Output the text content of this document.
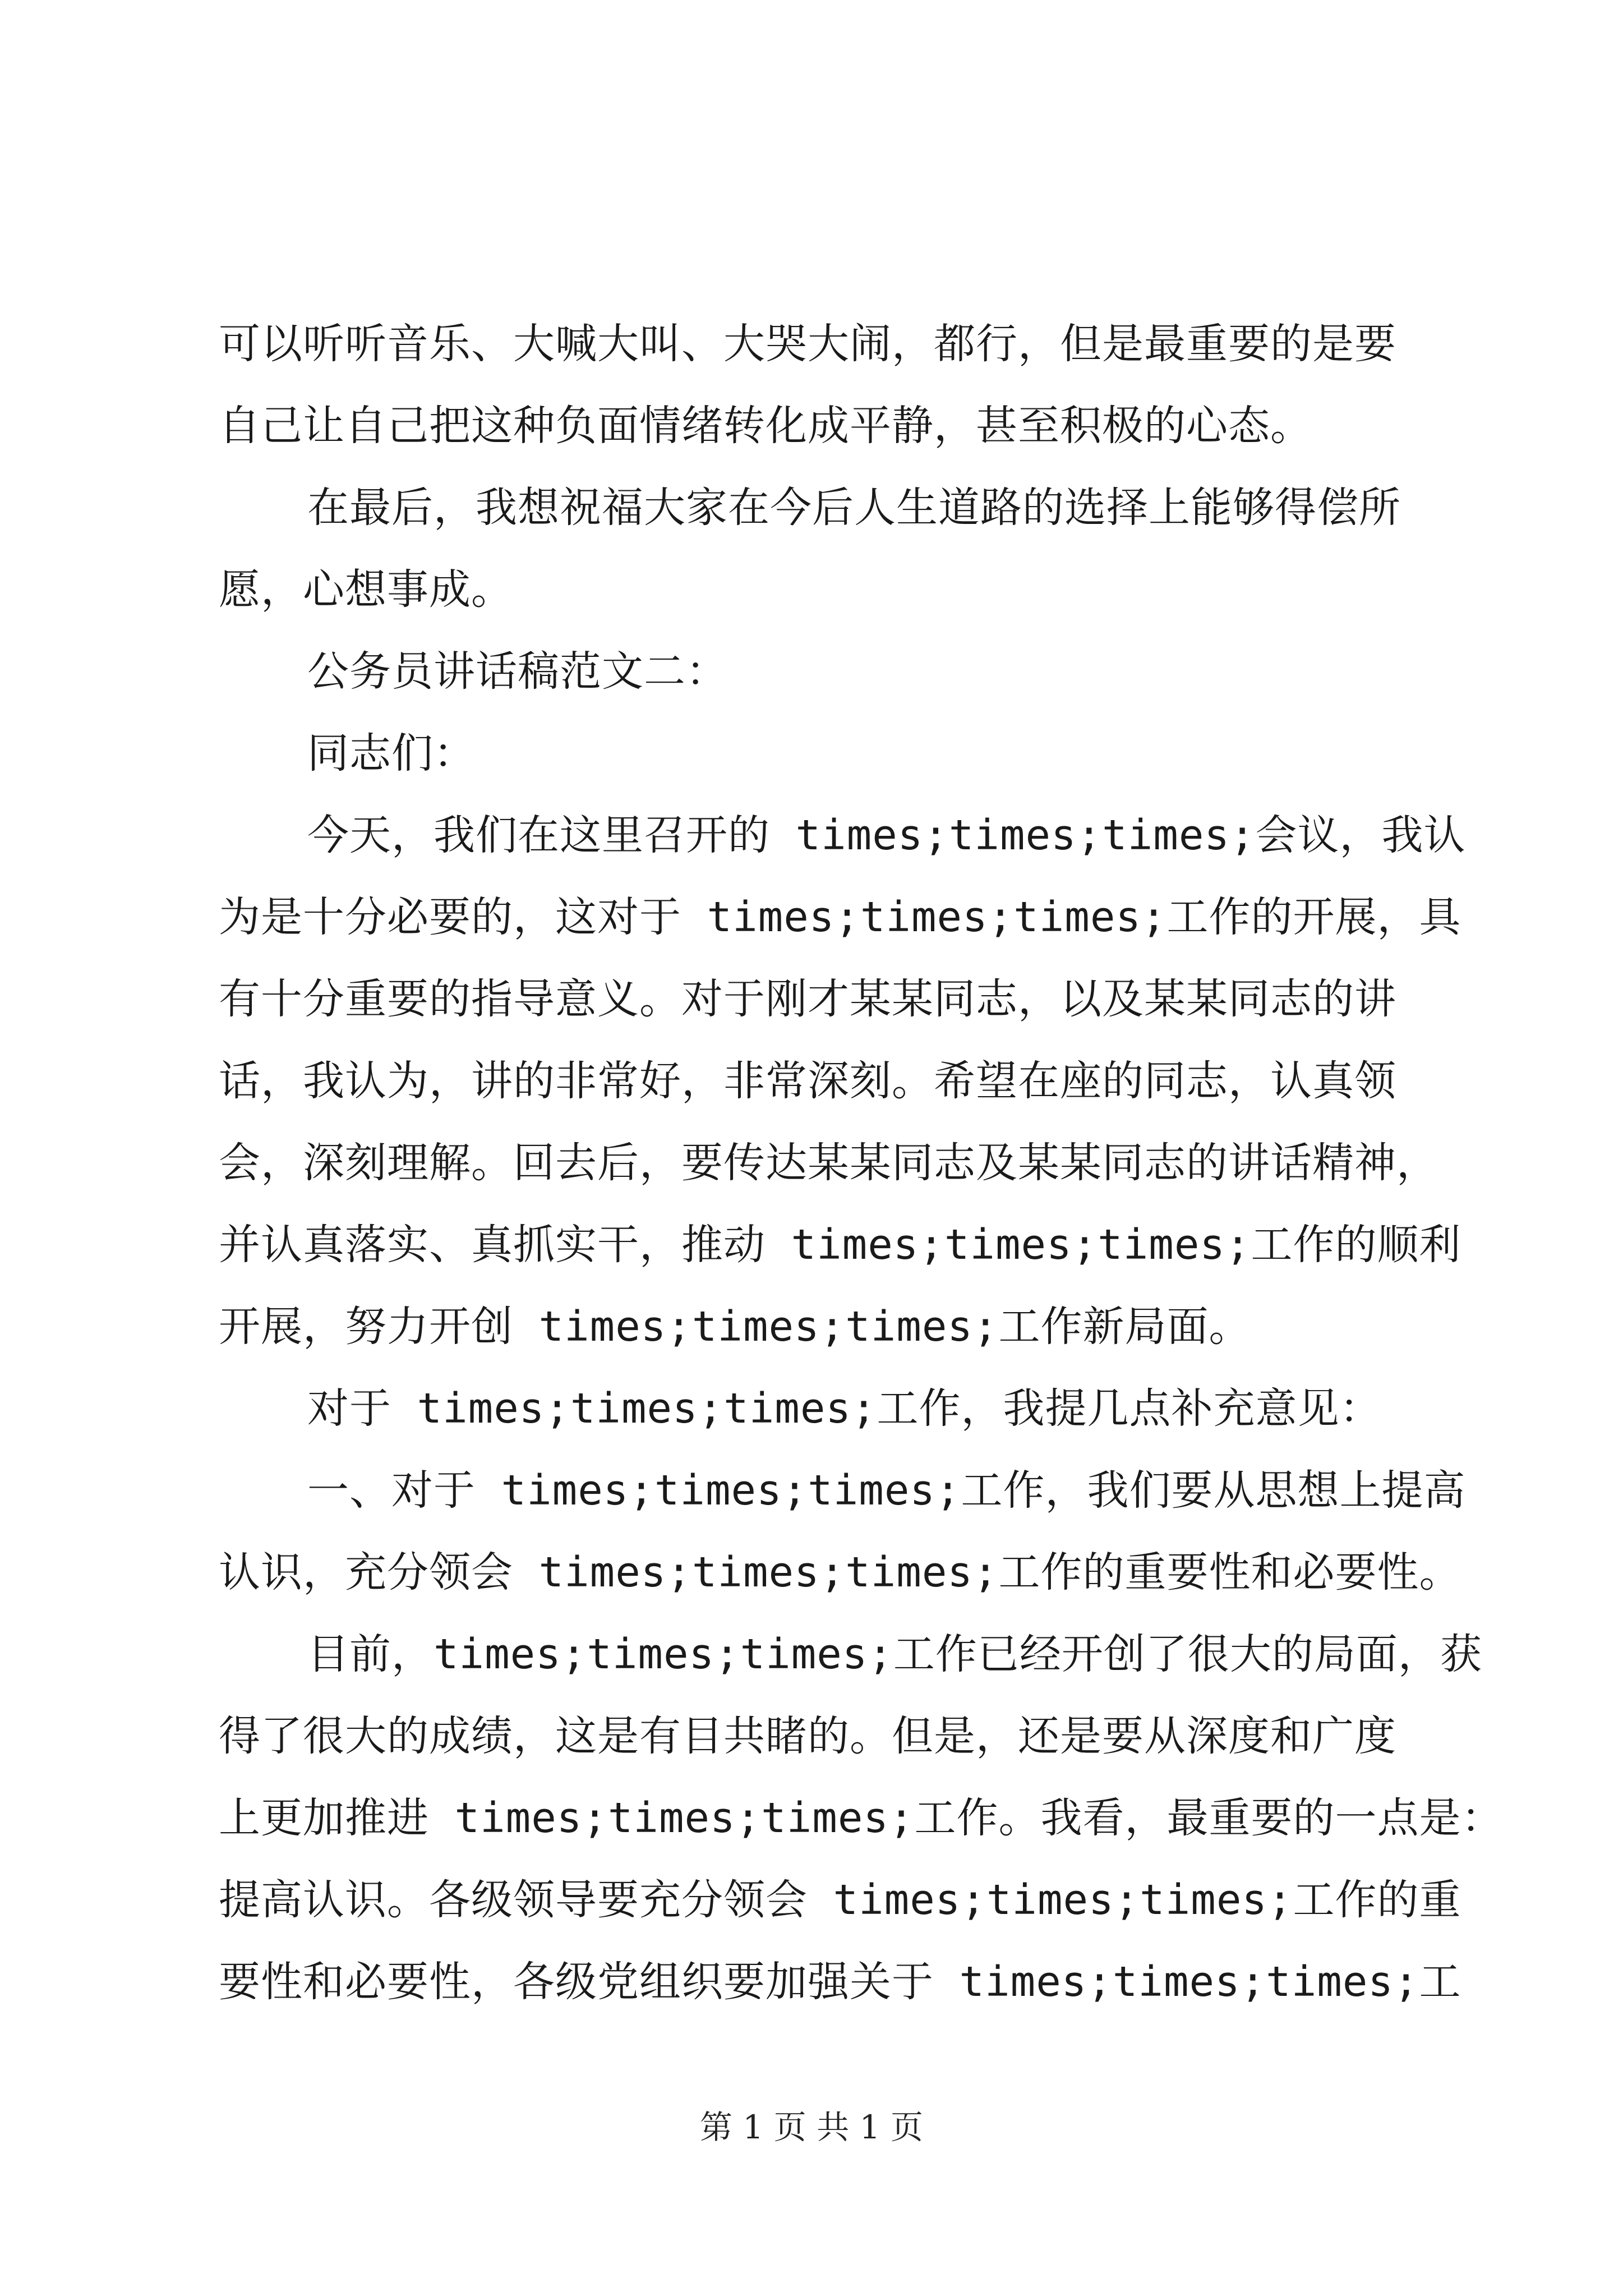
可以听听音乐、大喊大叫、大哭大闹，都行，但是最重要的是要
自己让自己把这种负面情绪转化成平静，甚至积极的心态。
在最后，我想祝福大家在今后人生道路的选择上能够得偿所
愿，心想事成。
公务员讲话稿范文二：
同志们：
今天，我们在这里召开的 times;times;times;会议，我认
为是十分必要的，这对于 times;times;times;工作的开展，具
有十分重要的指导意义。对于刚才某某同志，以及某某同志的讲
话，我认为，讲的非常好，非常深刻。希望在座的同志，认真领
会，深刻理解。回去后，要传达某某同志及某某同志的讲话精神，
并认真落实、真抓实干，推动 times;times;times;工作的顺利
开展，努力开创 times;times;times;工作新局面。
对于 times;times;times;工作，我提几点补充意见：
一、对于 times;times;times;工作，我们要从思想上提高
认识，充分领会 times;times;times;工作的重要性和必要性。
目前，times;times;times;工作已经开创了很大的局面，获
得了很大的成绩，这是有目共睹的。但是，还是要从深度和广度
上更加推进 times;times;times;工作。我看，最重要的一点是：
提高认识。各级领导要充分领会 times;times;times;工作的重
要性和必要性，各级党组织要加强关于 times;times;times;工
第 1 页 共 1 页
